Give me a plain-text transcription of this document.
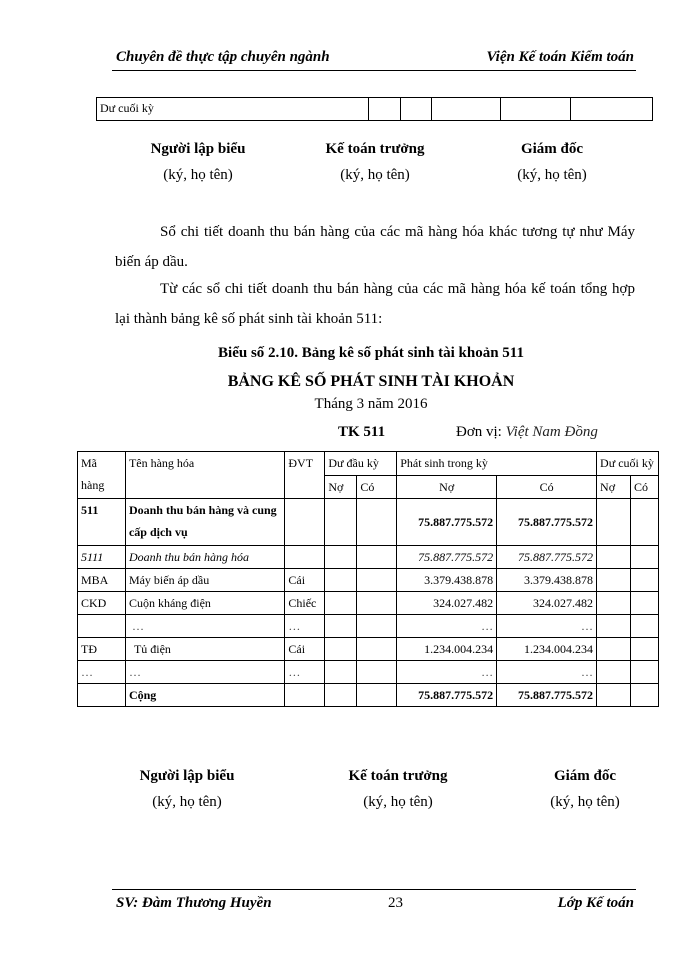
Chuyên đề thực tập chuyên ngành	Viện Kế toán Kiểm toán
Dư cuối kỳ					
Người lập biểu
(ký, họ tên)
Kế toán trưởng
(ký, họ tên)
Giám đốc
(ký, họ tên)
Sổ chi tiết doanh thu bán hàng của các mã hàng hóa khác tương tự như Máy biến áp dầu.
Từ các sổ chi tiết doanh thu bán hàng của các mã hàng hóa kế toán tổng hợp lại thành bảng kê số phát sinh tài khoản 511:
Biểu số 2.10. Bảng kê số phát sinh tài khoản 511
BẢNG KÊ SỐ PHÁT SINH TÀI KHOẢN
Tháng 3 năm 2016
TK 511	Đơn vị: Việt Nam Đồng
Mã hàng	Tên hàng hóa	ĐVT	Dư đầu kỳ		Phát sinh trong kỳ		Dư cuối kỳ	
			Nợ	Có	Nợ	Có	Nợ	Có
511	Doanh thu bán hàng và cung cấp dịch vụ				75.887.775.572	75.887.775.572		
5111	Doanh thu bán hàng hóa				75.887.775.572	75.887.775.572		
MBA	Máy biến áp dầu	Cái			3.379.438.878	3.379.438.878		
CKD	Cuộn kháng điện	Chiếc			324.027.482	324.027.482		
	…	…			…	…		
TĐ	Tủ điện	Cái			1.234.004.234	1.234.004.234		
…	…	…			…	…		
	Cộng				75.887.775.572	75.887.775.572		
Người lập biểu
(ký, họ tên)
Kế toán trưởng
(ký, họ tên)
Giám đốc
(ký, họ tên)
SV: Đàm Thương Huyền	23	Lớp Kế toán
